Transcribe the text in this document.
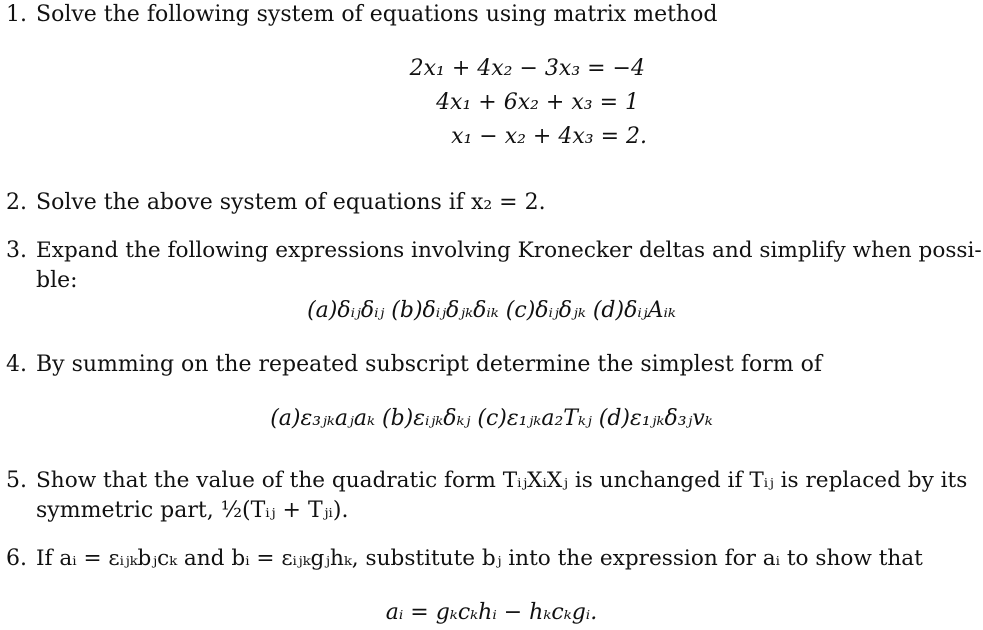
1. Solve the following system of equations using matrix method
2x₁ + 4x₂ − 3x₃ = −4
4x₁ + 6x₂ + x₃ = 1
x₁ − x₂ + 4x₃ = 2.
2. Solve the above system of equations if x₂ = 2.
3. Expand the following expressions involving Kronecker deltas and simplify when possi-
ble:
(a)δᵢⱼδᵢⱼ (b)δᵢⱼδⱼₖδᵢₖ (c)δᵢⱼδⱼₖ (d)δᵢⱼAᵢₖ
4. By summing on the repeated subscript determine the simplest form of
(a)ε₃ⱼₖaⱼaₖ (b)εᵢⱼₖδₖⱼ (c)ε₁ⱼₖa₂Tₖⱼ (d)ε₁ⱼₖδ₃ⱼvₖ
5. Show that the value of the quadratic form TᵢⱼXᵢXⱼ is unchanged if Tᵢⱼ is replaced by its
symmetric part, ½(Tᵢⱼ + Tⱼᵢ).
6. If aᵢ = εᵢⱼₖbⱼcₖ and bᵢ = εᵢⱼₖgⱼhₖ, substitute bⱼ into the expression for aᵢ to show that
aᵢ = gₖcₖhᵢ − hₖcₖgᵢ.
